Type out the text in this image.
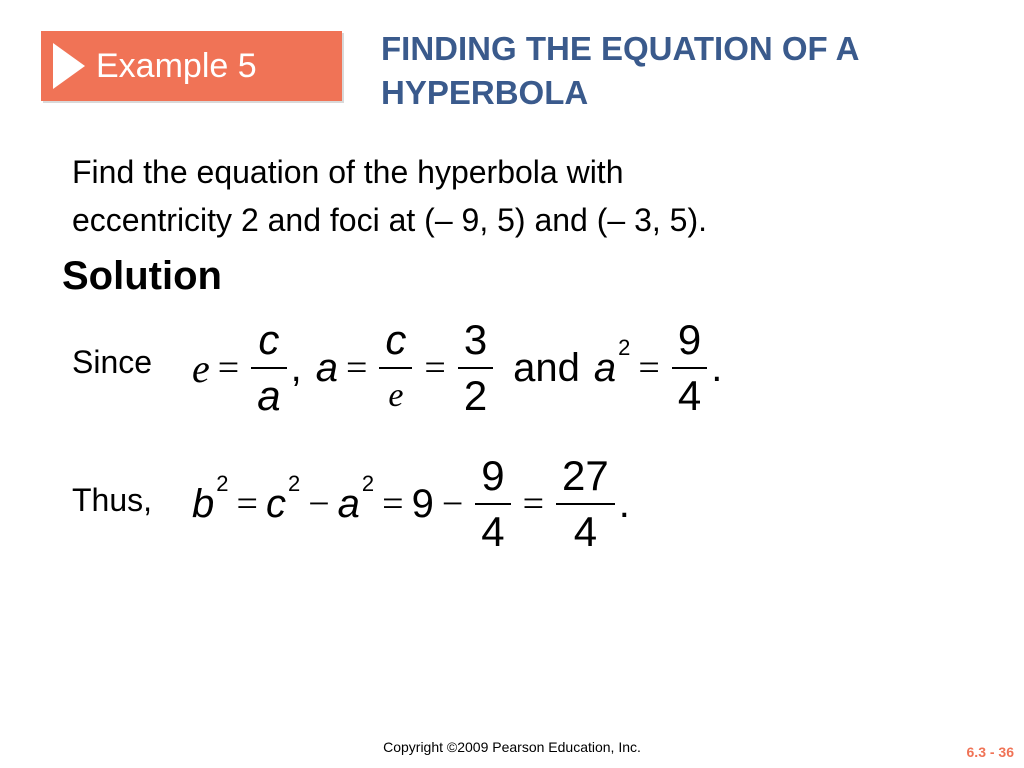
Example 5	FINDING THE EQUATION OF A
HYPERBOLA
Find the equation of the hyperbola with
eccentricity 2 and foci at (– 9, 5) and (– 3, 5).
Solution
Since $e = \frac{c}{a}$ , $a = \frac{c}{e} = \frac{3}{2}$ and a $2 = \frac{9}{4}$ .
Thus, b 2 = c 2 − a $2 = 9 - \frac{9}{4} = \frac{27}{4}$ .
Copyright ©2009 Pearson Education, Inc.	6.3 - 36
